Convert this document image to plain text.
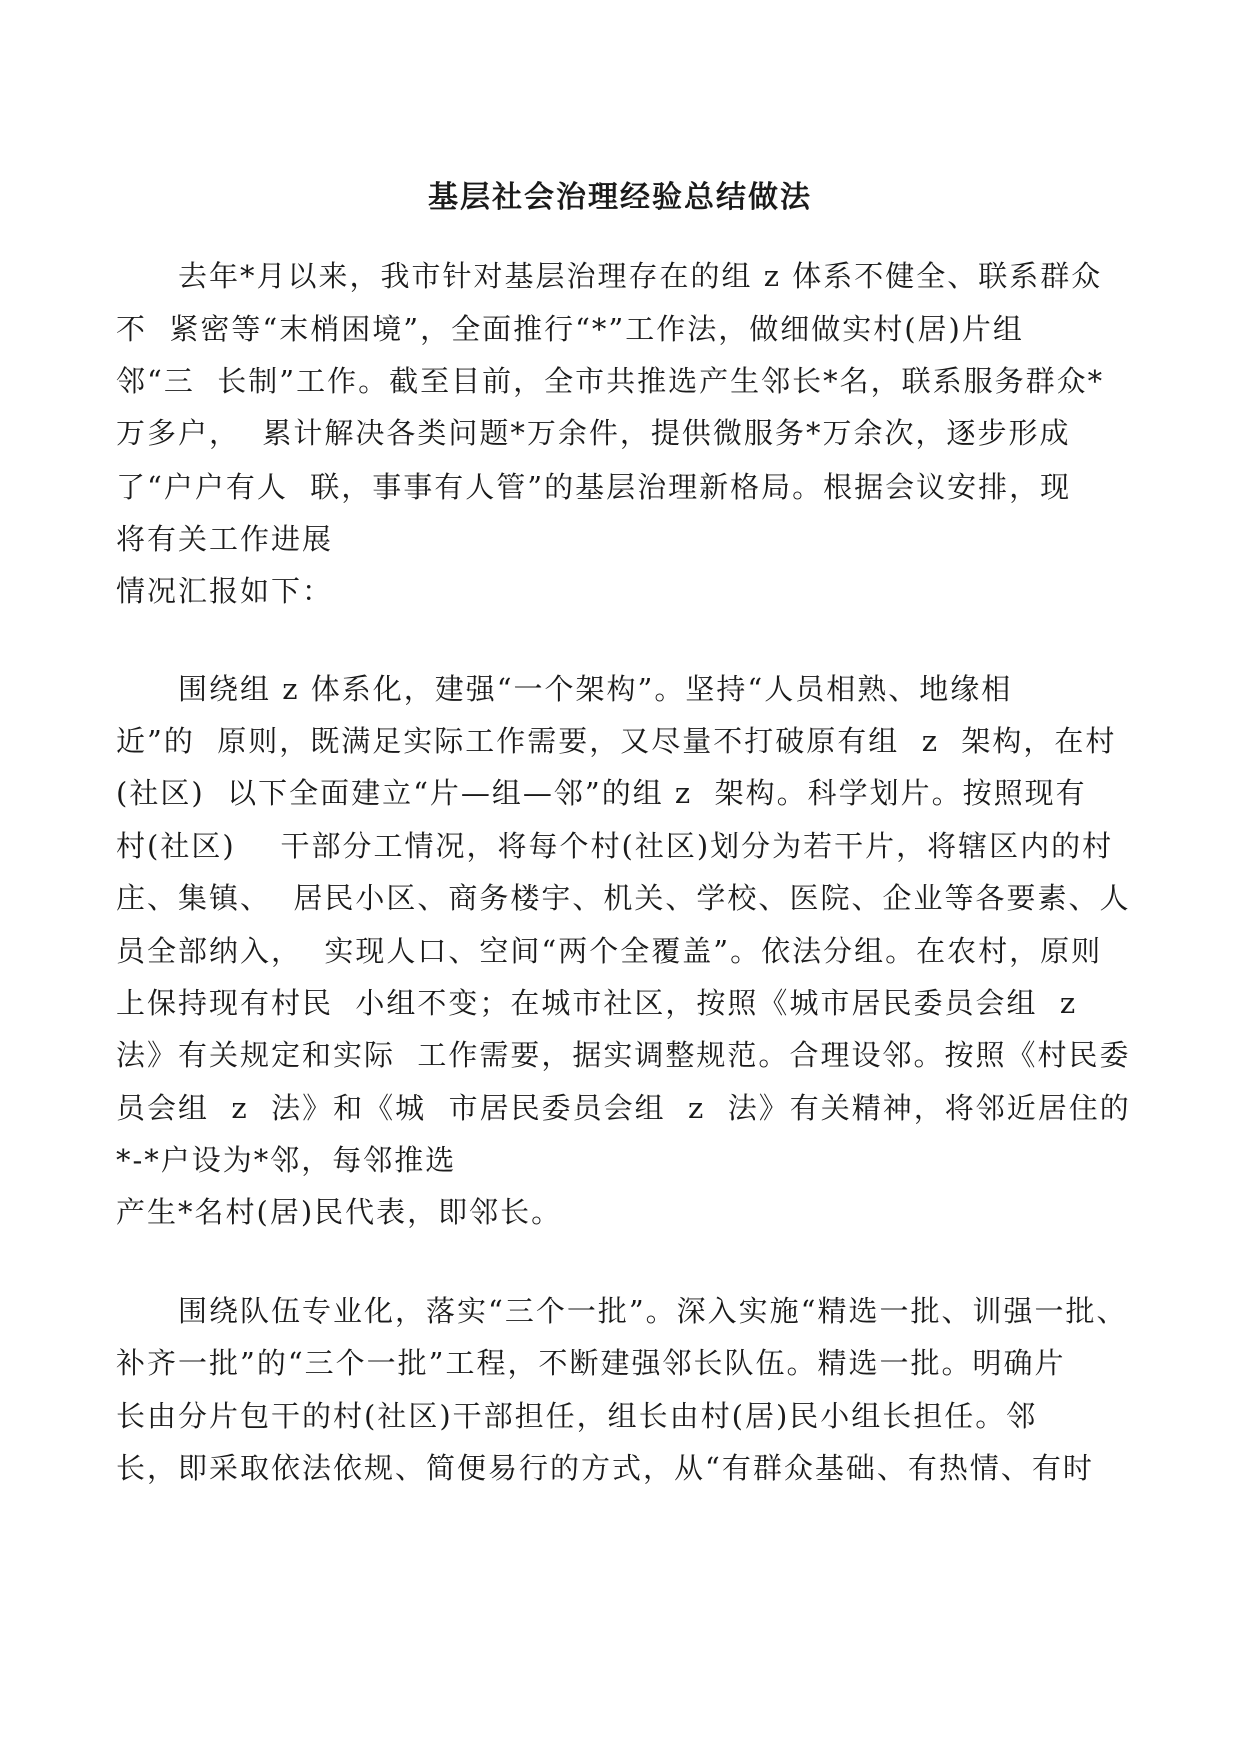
基层社会治理经验总结做法
去年*月以来，我市针对基层治理存在的组 z 体系不健全、联系群众
不  紧密等“末梢困境”，全面推行“*”工作法，做细做实村(居)片组
邻“三  长制”工作。截至目前，全市共推选产生邻长*名，联系服务群众*
万多户，  累计解决各类问题*万余件，提供微服务*万余次，逐步形成
了“户户有人  联，事事有人管”的基层治理新格局。根据会议安排，现
将有关工作进展
情况汇报如下：
围绕组 z 体系化，建强“一个架构”。坚持“人员相熟、地缘相
近”的  原则，既满足实际工作需要，又尽量不打破原有组  z  架构，在村
(社区)  以下全面建立“片—组—邻”的组 z  架构。科学划片。按照现有
村(社区)    干部分工情况，将每个村(社区)划分为若干片，将辖区内的村
庄、集镇、  居民小区、商务楼宇、机关、学校、医院、企业等各要素、人
员全部纳入，  实现人口、空间“两个全覆盖”。依法分组。在农村，原则
上保持现有村民  小组不变；在城市社区，按照《城市居民委员会组  z
法》有关规定和实际  工作需要，据实调整规范。合理设邻。按照《村民委
员会组  z  法》和《城  市居民委员会组  z  法》有关精神，将邻近居住的
*-*户设为*邻，每邻推选
产生*名村(居)民代表，即邻长。
围绕队伍专业化，落实“三个一批”。深入实施“精选一批、训强一批、
补齐一批”的“三个一批”工程，不断建强邻长队伍。精选一批。明确片
长由分片包干的村(社区)干部担任，组长由村(居)民小组长担任。邻
长，即采取依法依规、简便易行的方式，从“有群众基础、有热情、有时
